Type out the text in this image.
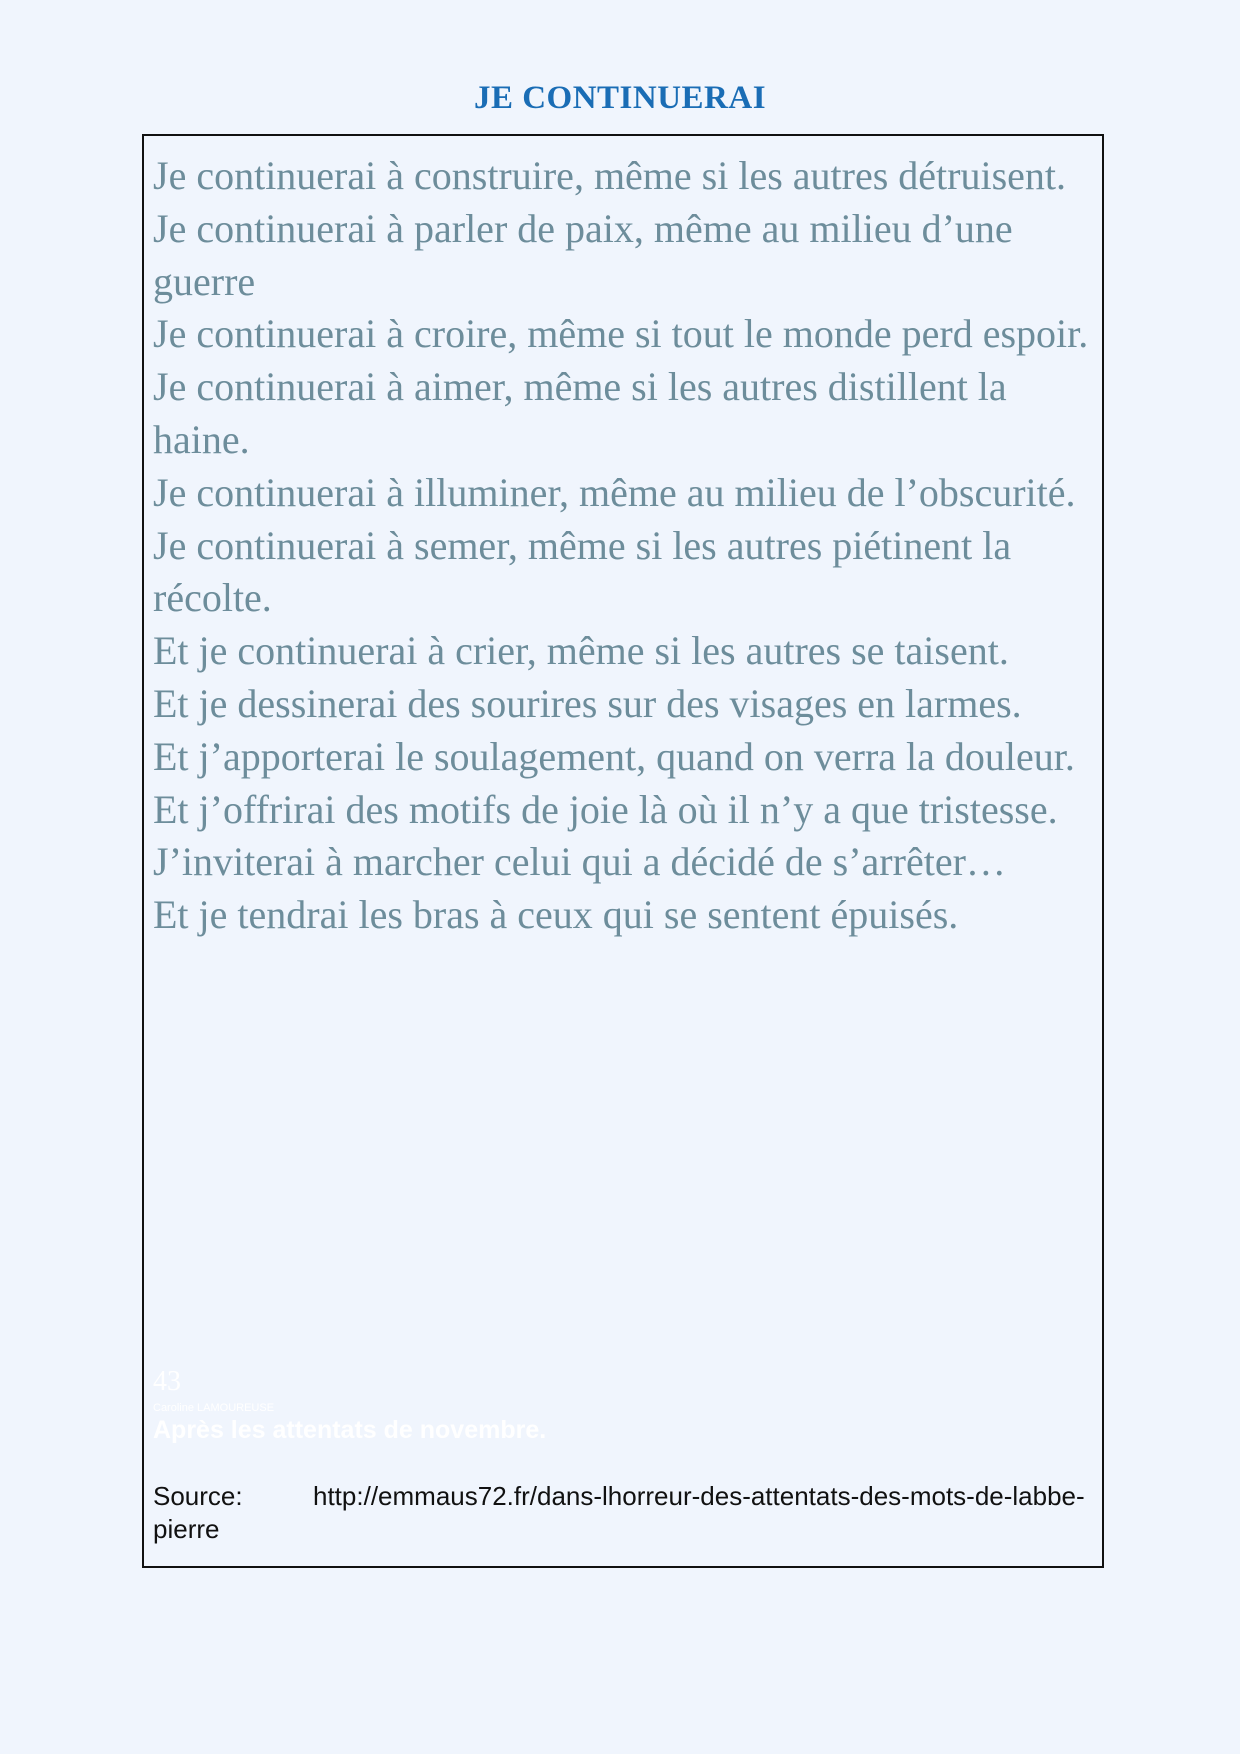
JE CONTINUERAI
Je continuerai à construire, même si les autres détruisent.
Je continuerai à parler de paix, même au milieu d’une guerre
Je continuerai à croire, même si tout le monde perd espoir.
Je continuerai à aimer, même si les autres distillent la haine.
Je continuerai à illuminer, même au milieu de l’obscurité.
Je continuerai à semer, même si les autres piétinent la récolte.
Et je continuerai à crier, même si les autres se taisent.
Et je dessinerai des sourires sur des visages en larmes.
Et j’apporterai le soulagement, quand on verra la douleur.
Et j’offrirai des motifs de joie là où il n’y a que tristesse.
J’inviterai à marcher celui qui a décidé de s’arrêter…
Et je tendrai les bras à ceux qui se sentent épuisés.

43

Caroline LAMOUREUSE

Après les attentats de novembre.

Source:	http://emmaus72.fr/dans-lhorreur-des-attentats-des-mots-de-labbe-pierre
